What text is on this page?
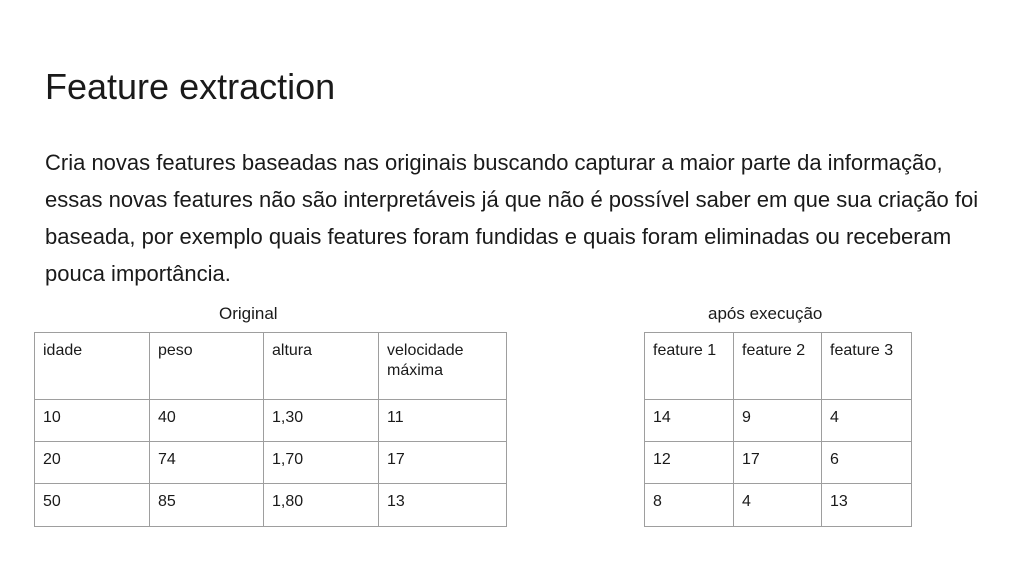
Feature extraction

Cria novas features baseadas nas originais buscando capturar a maior parte da informação, essas novas features não são interpretáveis já que não é possível saber em que sua criação foi baseada, por exemplo quais features foram fundidas e quais foram eliminadas ou receberam pouca importância.

Original	após execução
idade	peso	altura	velocidade máxima
10	40	1,30	11
20	74	1,70	17
50	85	1,80	13
feature 1	feature 2	feature 3
14	9	4
12	17	6
8	4	13
